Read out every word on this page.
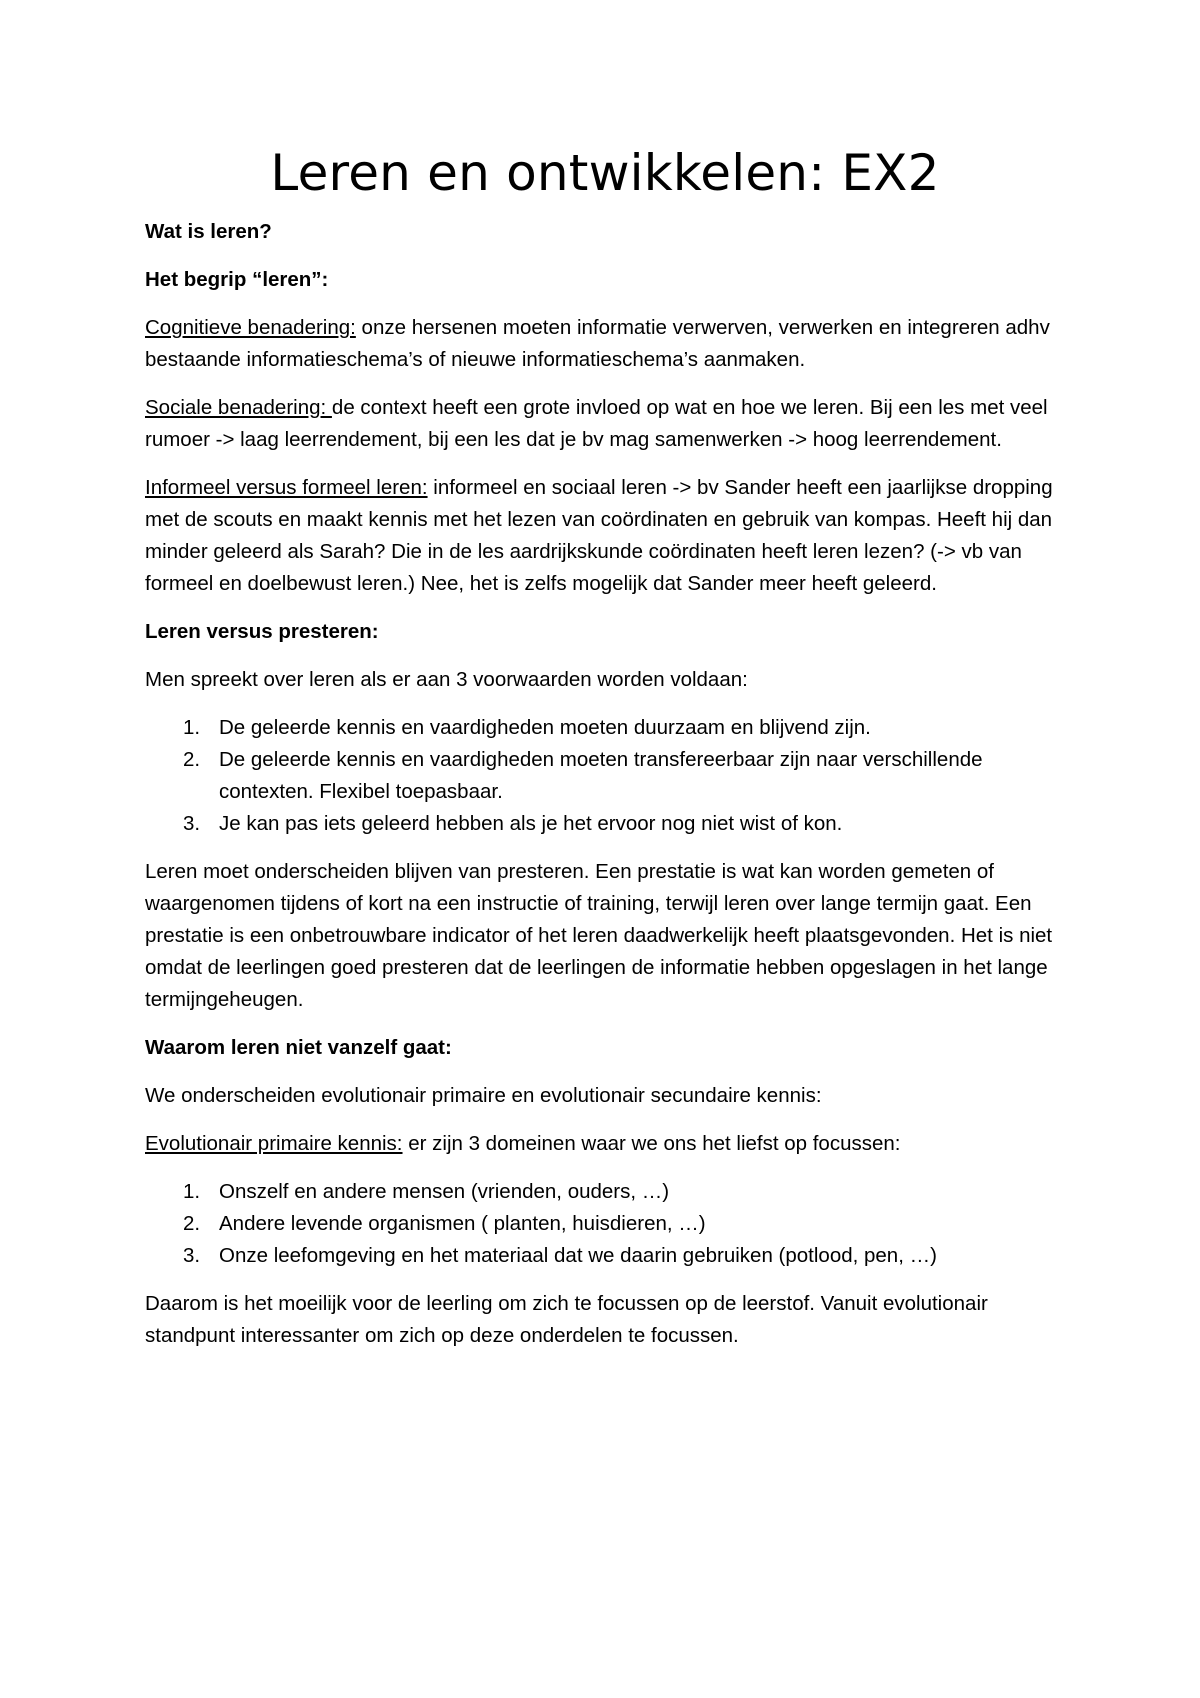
Leren en ontwikkelen: EX2

Wat is leren?

Het begrip “leren”:

Cognitieve benadering: onze hersenen moeten informatie verwerven, verwerken en integreren adhv bestaande informatieschema’s of nieuwe informatieschema’s aanmaken.

Sociale benadering: de context heeft een grote invloed op wat en hoe we leren. Bij een les met veel rumoer -> laag leerrendement, bij een les dat je bv mag samenwerken -> hoog leerrendement.

Informeel versus formeel leren: informeel en sociaal leren -> bv Sander heeft een jaarlijkse dropping met de scouts en maakt kennis met het lezen van coördinaten en gebruik van kompas. Heeft hij dan minder geleerd als Sarah? Die in de les aardrijkskunde coördinaten heeft leren lezen? (-> vb van formeel en doelbewust leren.) Nee, het is zelfs mogelijk dat Sander meer heeft geleerd.

Leren versus presteren:

Men spreekt over leren als er aan 3 voorwaarden worden voldaan:

1. De geleerde kennis en vaardigheden moeten duurzaam en blijvend zijn.
2. De geleerde kennis en vaardigheden moeten transfereerbaar zijn naar verschillende contexten. Flexibel toepasbaar.
3. Je kan pas iets geleerd hebben als je het ervoor nog niet wist of kon.

Leren moet onderscheiden blijven van presteren. Een prestatie is wat kan worden gemeten of waargenomen tijdens of kort na een instructie of training, terwijl leren over lange termijn gaat. Een prestatie is een onbetrouwbare indicator of het leren daadwerkelijk heeft plaatsgevonden. Het is niet omdat de leerlingen goed presteren dat de leerlingen de informatie hebben opgeslagen in het lange termijngeheugen.

Waarom leren niet vanzelf gaat:

We onderscheiden evolutionair primaire en evolutionair secundaire kennis:

Evolutionair primaire kennis: er zijn 3 domeinen waar we ons het liefst op focussen:

1. Onszelf en andere mensen (vrienden, ouders, …)
2. Andere levende organismen ( planten, huisdieren, …)
3. Onze leefomgeving en het materiaal dat we daarin gebruiken (potlood, pen, …)

Daarom is het moeilijk voor de leerling om zich te focussen op de leerstof. Vanuit evolutionair standpunt interessanter om zich op deze onderdelen te focussen.
